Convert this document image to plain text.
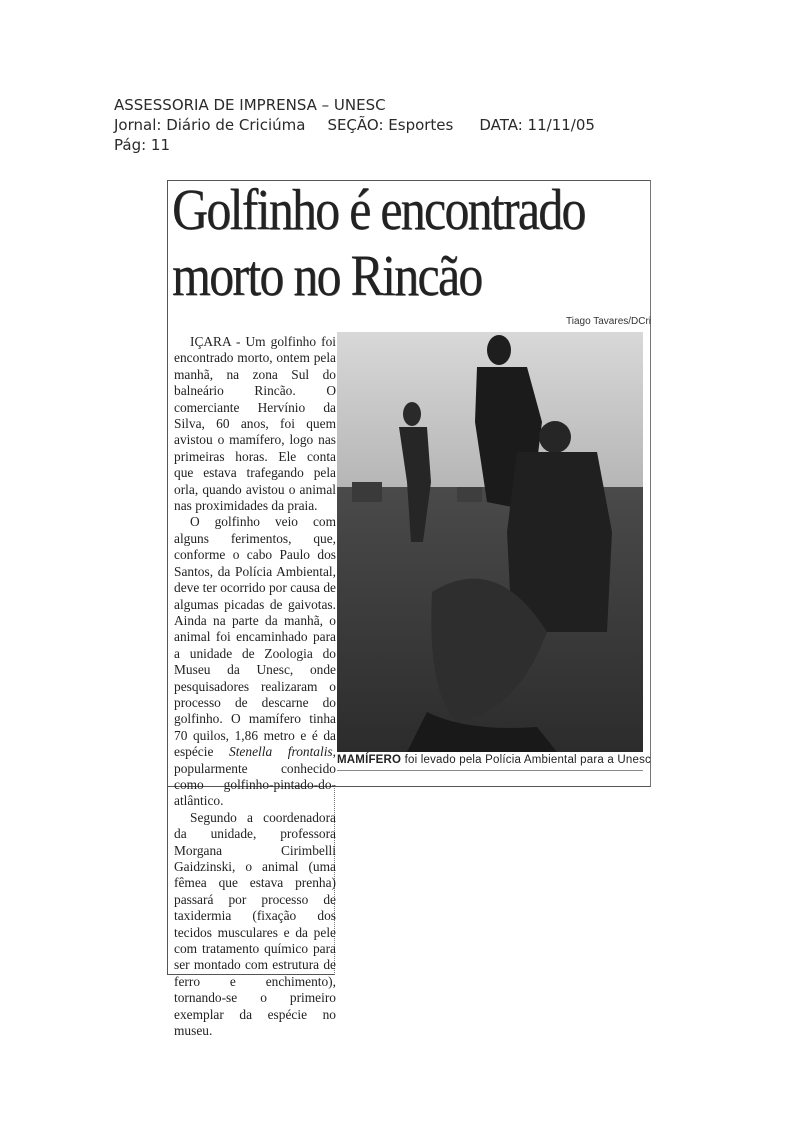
ASSESSORIA DE IMPRENSA – UNESC
Jornal: Diário de Criciúma SEÇÃO: Esportes DATA: 11/11/05
Pág: 11
Golfinho é encontrado
morto no Rincão
Tiago Tavares/DCri

IÇARA - Um golfinho foi encontrado morto, ontem pela manhã, na zona Sul do balneário Rincão. O comerciante Hervínio da Silva, 60 anos, foi quem avistou o mamífero, logo nas primeiras horas. Ele conta que estava trafegando pela orla, quando avistou o animal nas proximidades da praia.

O golfinho veio com alguns ferimentos, que, conforme o cabo Paulo dos Santos, da Polícia Ambiental, deve ter ocorrido por causa de algumas picadas de gaivotas. Ainda na parte da manhã, o animal foi encaminhado para a unidade de Zoologia do Museu da Unesc, onde pesquisadores realizaram o processo de descarne do golfinho. O mamífero tinha 70 quilos, 1,86 metro e é da espécie Stenella frontalis, popularmente conhecido como golfinho-pintado-do-atlântico.

Segundo a coordenadora da unidade, professora Morgana Cirimbelli Gaidzinski, o animal (uma fêmea que estava prenha) passará por processo de taxidermia (fixação dos tecidos musculares e da pele com tratamento químico para ser montado com estrutura de ferro e enchimento), tornando-se o primeiro exemplar da espécie no museu.

MAMÍFERO foi levado pela Polícia Ambiental para a Unesc
